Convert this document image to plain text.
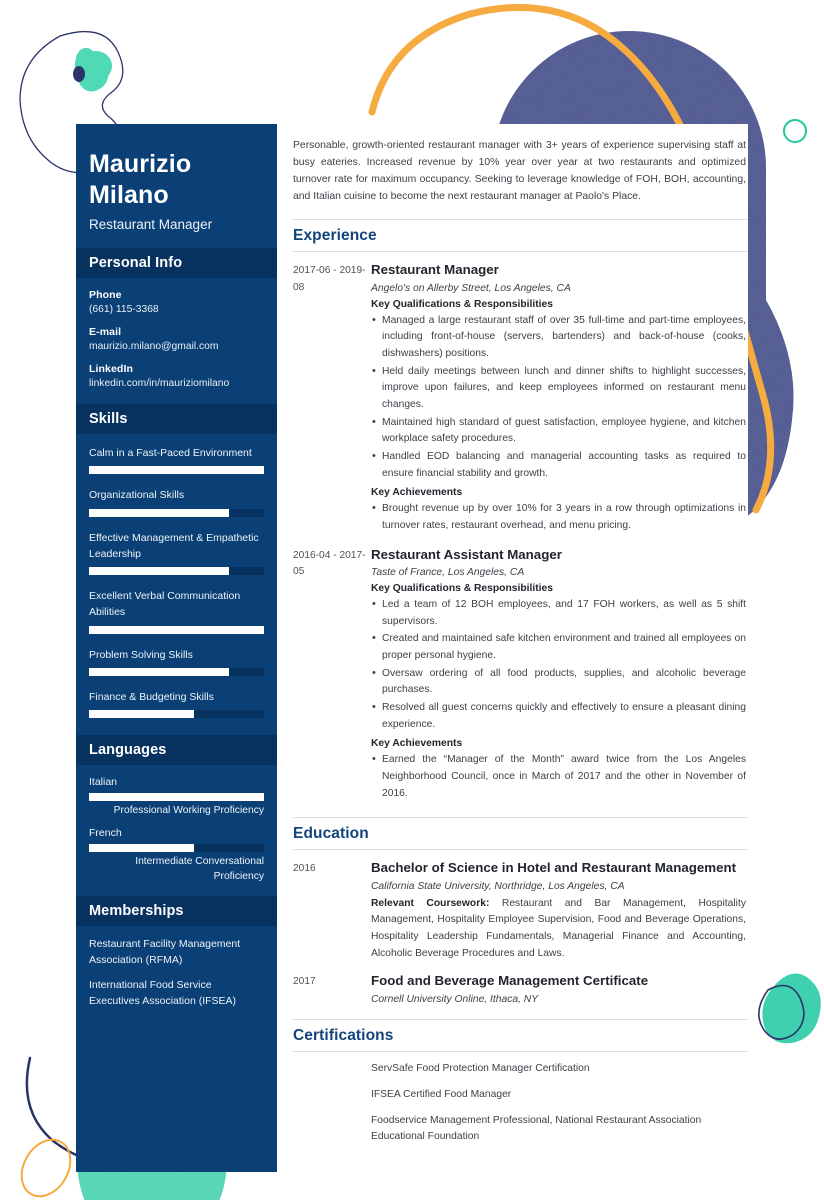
Maurizio Milano
Restaurant Manager
Personal Info
Phone
(661) 115-3368
E-mail
maurizio.milano@gmail.com
LinkedIn
linkedin.com/in/mauriziomilano
Skills
Calm in a Fast-Paced Environment
Organizational Skills
Effective Management & Empathetic Leadership
Excellent Verbal Communication Abilities
Problem Solving Skills
Finance & Budgeting Skills
Languages
Italian
Professional Working Proficiency
French
Intermediate Conversational Proficiency
Memberships
Restaurant Facility Management Association (RFMA)
International Food Service Executives Association (IFSEA)

Personable, growth-oriented restaurant manager with 3+ years of experience supervising staff at busy eateries. Increased revenue by 10% year over year at two restaurants and optimized turnover rate for maximum occupancy. Seeking to leverage knowledge of FOH, BOH, accounting, and Italian cuisine to become the next restaurant manager at Paolo's Place.

Experience
2017-06 - 2019-08
Restaurant Manager
Angelo's on Allerby Street, Los Angeles, CA
Key Qualifications & Responsibilities
• Managed a large restaurant staff of over 35 full-time and part-time employees, including front-of-house (servers, bartenders) and back-of-house (cooks, dishwashers) positions.
• Held daily meetings between lunch and dinner shifts to highlight successes, improve upon failures, and keep employees informed on restaurant menu changes.
• Maintained high standard of guest satisfaction, employee hygiene, and kitchen workplace safety procedures.
• Handled EOD balancing and managerial accounting tasks as required to ensure financial stability and growth.
Key Achievements
• Brought revenue up by over 10% for 3 years in a row through optimizations in turnover rates, restaurant overhead, and menu pricing.
2016-04 - 2017-05
Restaurant Assistant Manager
Taste of France, Los Angeles, CA
Key Qualifications & Responsibilities
• Led a team of 12 BOH employees, and 17 FOH workers, as well as 5 shift supervisors.
• Created and maintained safe kitchen environment and trained all employees on proper personal hygiene.
• Oversaw ordering of all food products, supplies, and alcoholic beverage purchases.
• Resolved all guest concerns quickly and effectively to ensure a pleasant dining experience.
Key Achievements
• Earned the “Manager of the Month” award twice from the Los Angeles Neighborhood Council, once in March of 2017 and the other in November of 2016.
Education
2016	Bachelor of Science in Hotel and Restaurant Management
California State University, Northridge, Los Angeles, CA
Relevant Coursework: Restaurant and Bar Management, Hospitality Management, Hospitality Employee Supervision, Food and Beverage Operations, Hospitality Leadership Fundamentals, Managerial Finance and Accounting, Alcoholic Beverage Procedures and Laws.
2017	Food and Beverage Management Certificate
Cornell University Online, Ithaca, NY
Certifications
ServSafe Food Protection Manager Certification
IFSEA Certified Food Manager
Foodservice Management Professional, National Restaurant Association Educational Foundation
